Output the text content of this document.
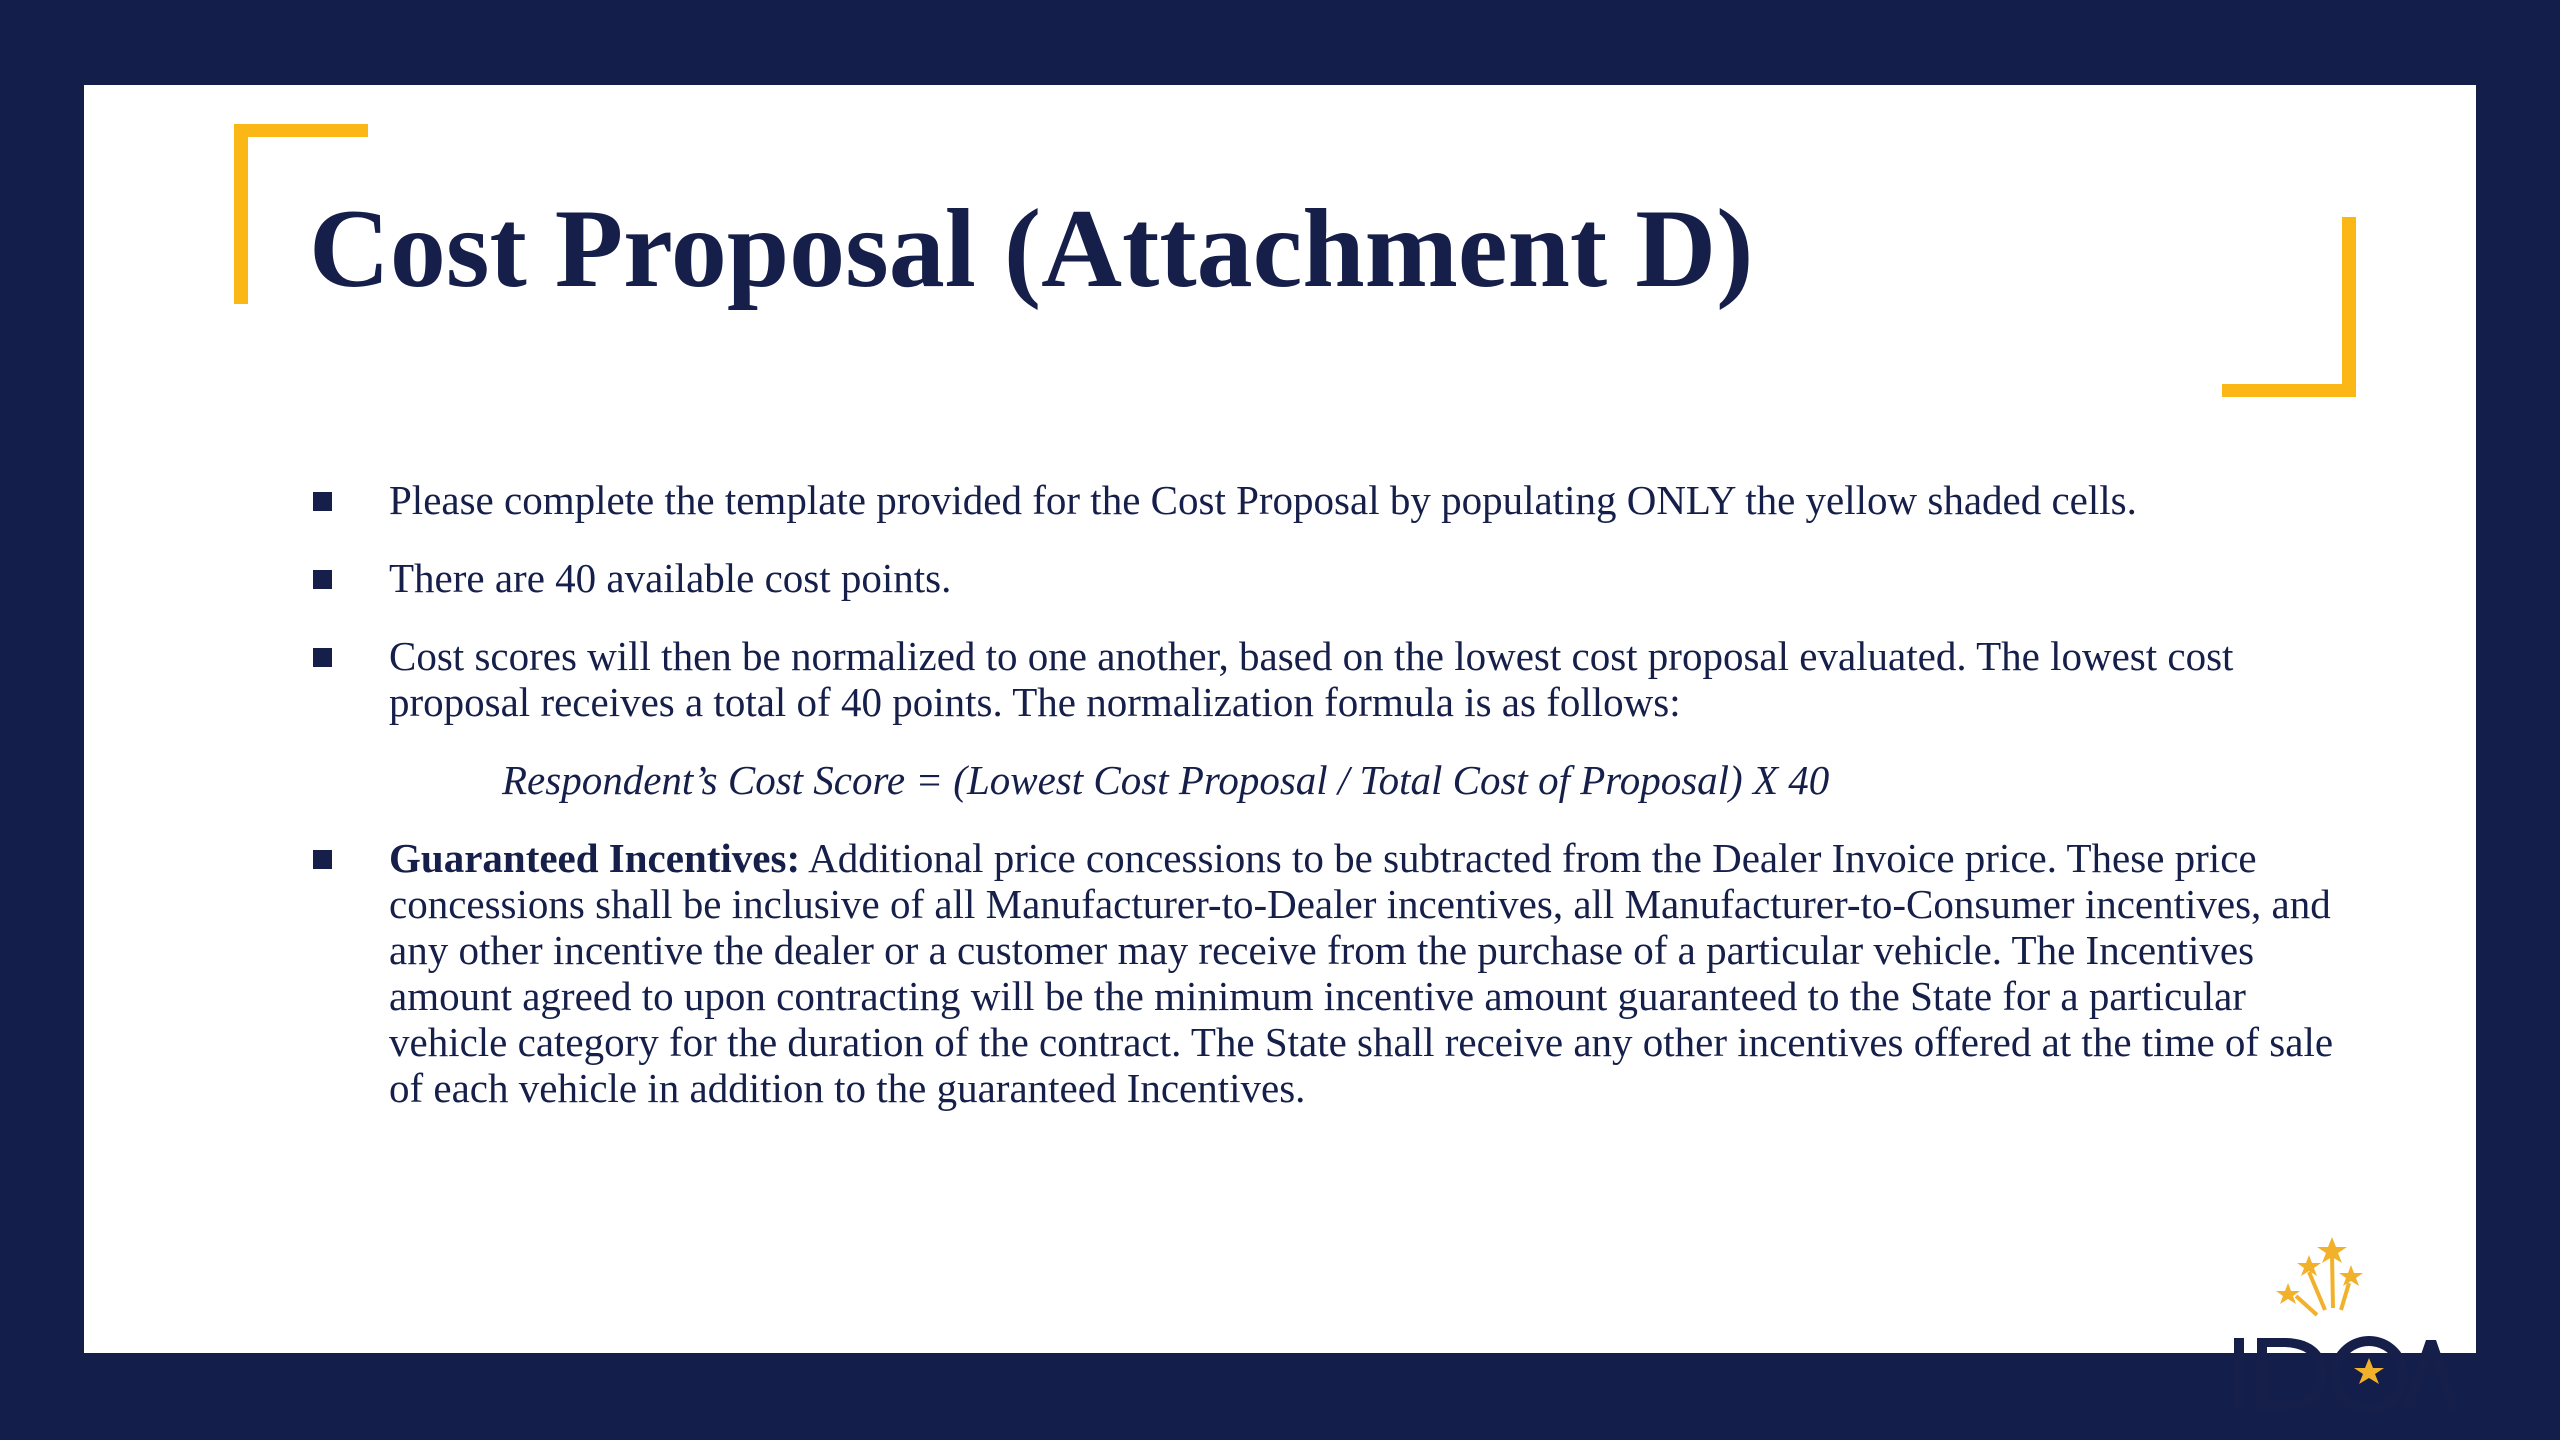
Cost Proposal (Attachment D)
Please complete the template provided for the Cost Proposal by populating ONLY the yellow shaded cells.
There are 40 available cost points.
Cost scores will then be normalized to one another, based on the lowest cost proposal evaluated. The lowest cost proposal receives a total of 40 points. The normalization formula is as follows:
Respondent’s Cost Score = (Lowest Cost Proposal / Total Cost of Proposal) X 40
Guaranteed Incentives: Additional price concessions to be subtracted from the Dealer Invoice price. These price concessions shall be inclusive of all Manufacturer-to-Dealer incentives, all Manufacturer-to-Consumer incentives, and any other incentive the dealer or a customer may receive from the purchase of a particular vehicle. The Incentives amount agreed to upon contracting will be the minimum incentive amount guaranteed to the State for a particular vehicle category for the duration of the contract. The State shall receive any other incentives offered at the time of sale of each vehicle in addition to the guaranteed Incentives.
